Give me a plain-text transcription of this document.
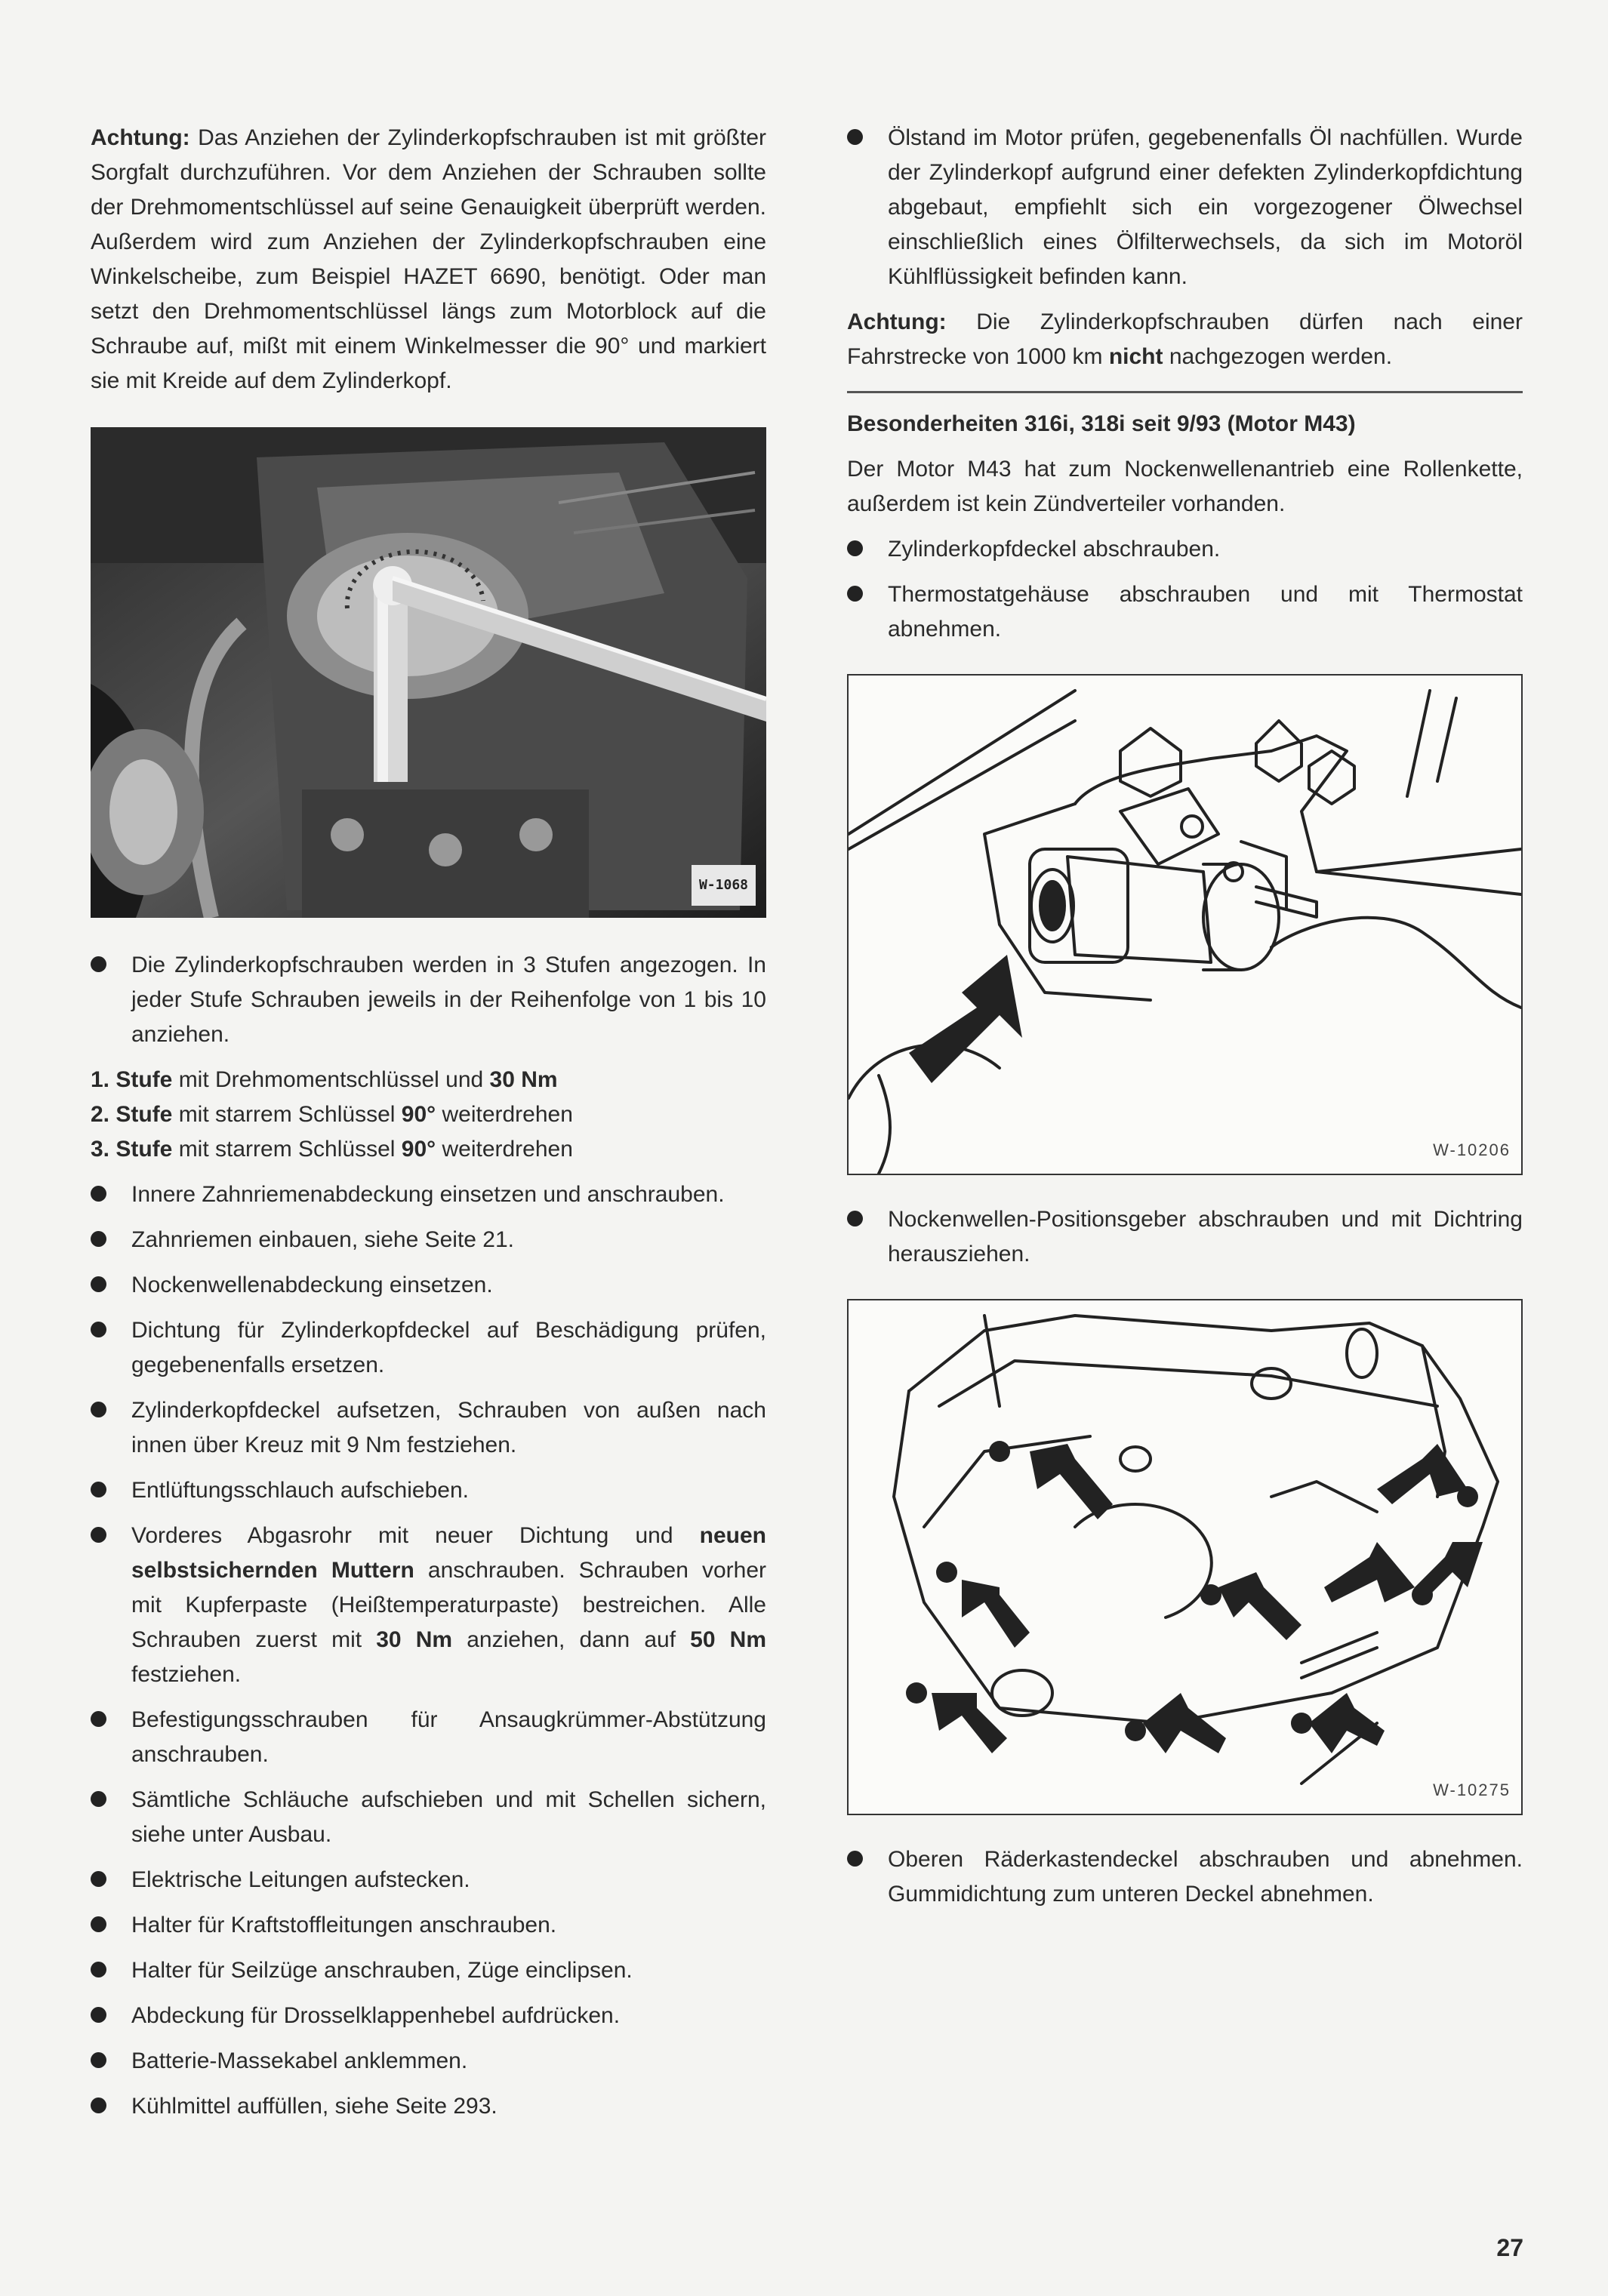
Achtung: Das Anziehen der Zylinderkopfschrauben ist mit größter Sorgfalt durchzuführen. Vor dem Anziehen der Schrauben sollte der Drehmomentschlüssel auf seine Genauigkeit überprüft werden. Außerdem wird zum Anziehen der Zylinderkopfschrauben eine Winkelscheibe, zum Beispiel HAZET 6690, benötigt. Oder man setzt den Drehmomentschlüssel längs zum Motorblock auf die Schraube auf, mißt mit einem Winkelmesser die 90° und markiert sie mit Kreide auf dem Zylinderkopf.

W-1068

Die Zylinderkopfschrauben werden in 3 Stufen angezogen. In jeder Stufe Schrauben jeweils in der Reihenfolge von 1 bis 10 anziehen.

1. Stufe mit Drehmomentschlüssel und 30 Nm
2. Stufe mit starrem Schlüssel 90° weiterdrehen
3. Stufe mit starrem Schlüssel 90° weiterdrehen

Innere Zahnriemenabdeckung einsetzen und anschrauben.

Zahnriemen einbauen, siehe Seite 21.

Nockenwellenabdeckung einsetzen.

Dichtung für Zylinderkopfdeckel auf Beschädigung prüfen, gegebenenfalls ersetzen.

Zylinderkopfdeckel aufsetzen, Schrauben von außen nach innen über Kreuz mit 9 Nm festziehen.

Entlüftungsschlauch aufschieben.

Vorderes Abgasrohr mit neuer Dichtung und neuen selbstsichernden Muttern anschrauben. Schrauben vorher mit Kupferpaste (Heißtemperaturpaste) bestreichen. Alle Schrauben zuerst mit 30 Nm anziehen, dann auf 50 Nm festziehen.

Befestigungsschrauben für Ansaugkrümmer-Abstützung anschrauben.

Sämtliche Schläuche aufschieben und mit Schellen sichern, siehe unter Ausbau.

Elektrische Leitungen aufstecken.

Halter für Kraftstoffleitungen anschrauben.

Halter für Seilzüge anschrauben, Züge einclipsen.

Abdeckung für Drosselklappenhebel aufdrücken.

Batterie-Massekabel anklemmen.

Kühlmittel auffüllen, siehe Seite 293.

Ölstand im Motor prüfen, gegebenenfalls Öl nachfüllen. Wurde der Zylinderkopf aufgrund einer defekten Zylinderkopfdichtung abgebaut, empfiehlt sich ein vorgezogener Ölwechsel einschließlich eines Ölfilterwechsels, da sich im Motoröl Kühlflüssigkeit befinden kann.

Achtung: Die Zylinderkopfschrauben dürfen nach einer Fahrstrecke von 1000 km nicht nachgezogen werden.

Besonderheiten 316i, 318i seit 9/93 (Motor M43)

Der Motor M43 hat zum Nockenwellenantrieb eine Rollenkette, außerdem ist kein Zündverteiler vorhanden.

Zylinderkopfdeckel abschrauben.

Thermostatgehäuse abschrauben und mit Thermostat abnehmen.

W-10206

Nockenwellen-Positionsgeber abschrauben und mit Dichtring herausziehen.

W-10275

Oberen Räderkastendeckel abschrauben und abnehmen. Gummidichtung zum unteren Deckel abnehmen.

27
